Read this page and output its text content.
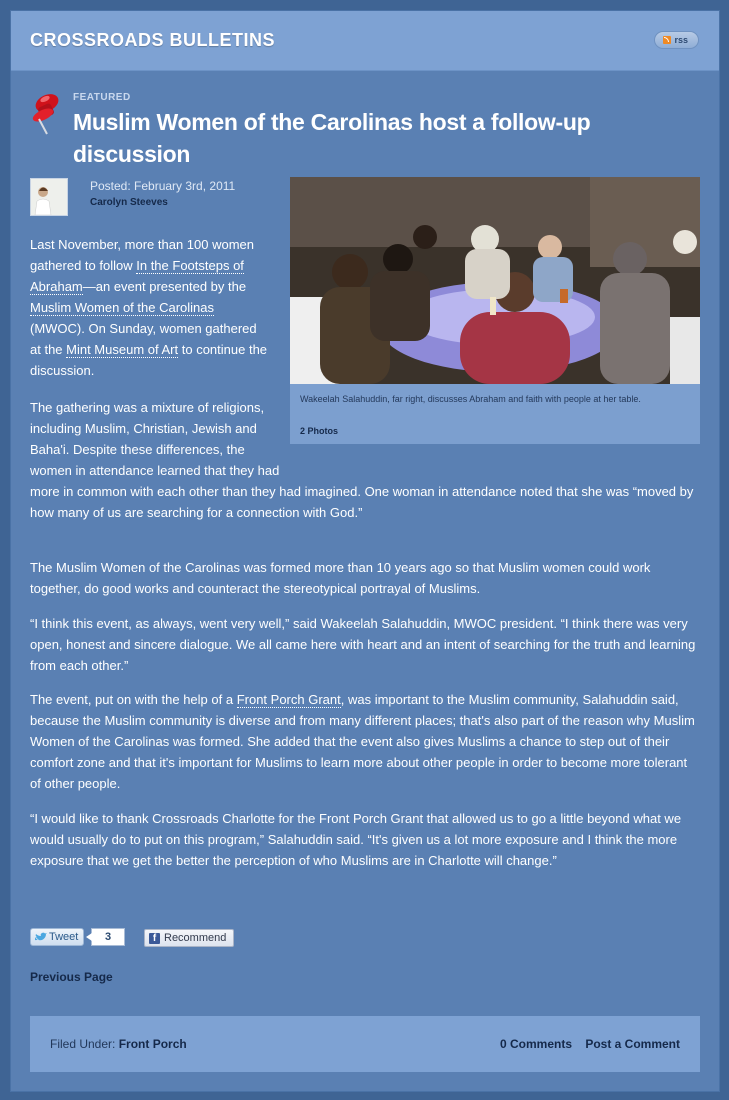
CROSSROADS BULLETINS	rss
FEATURED
Muslim Women of the Carolinas host a follow-up discussion
Posted: February 3rd, 2011
Carolyn Steeves
Wakeelah Salahuddin, far right, discusses Abraham and faith with people at her table.
2 Photos

Last November, more than 100 women gathered to follow In the Footsteps of Abraham—an event presented by the Muslim Women of the Carolinas (MWOC). On Sunday, women gathered at the Mint Museum of Art to continue the discussion.

The gathering was a mixture of religions, including Muslim, Christian, Jewish and Baha'i. Despite these differences, the women in attendance learned that they had more in common with each other than they had imagined. One woman in attendance noted that she was “moved by how many of us are searching for a connection with God.”

The Muslim Women of the Carolinas was formed more than 10 years ago so that Muslim women could work together, do good works and counteract the stereotypical portrayal of Muslims.

“I think this event, as always, went very well,” said Wakeelah Salahuddin, MWOC president. “I think there was very open, honest and sincere dialogue. We all came here with heart and an intent of searching for the truth and learning from each other.”

The event, put on with the help of a Front Porch Grant, was important to the Muslim community, Salahuddin said, because the Muslim community is diverse and from many different places; that's also part of the reason why Muslim Women of the Carolinas was formed. She added that the event also gives Muslims a chance to step out of their comfort zone and that it's important for Muslims to learn more about other people in order to become more tolerant of other people.

“I would like to thank Crossroads Charlotte for the Front Porch Grant that allowed us to go a little beyond what we would usually do to put on this program,” Salahuddin said. “It's given us a lot more exposure and I think the more exposure that we get the better the perception of who Muslims are in Charlotte will change.”

Tweet	3	f Recommend
Previous Page
Filed Under: Front Porch	0 Comments Post a Comment
